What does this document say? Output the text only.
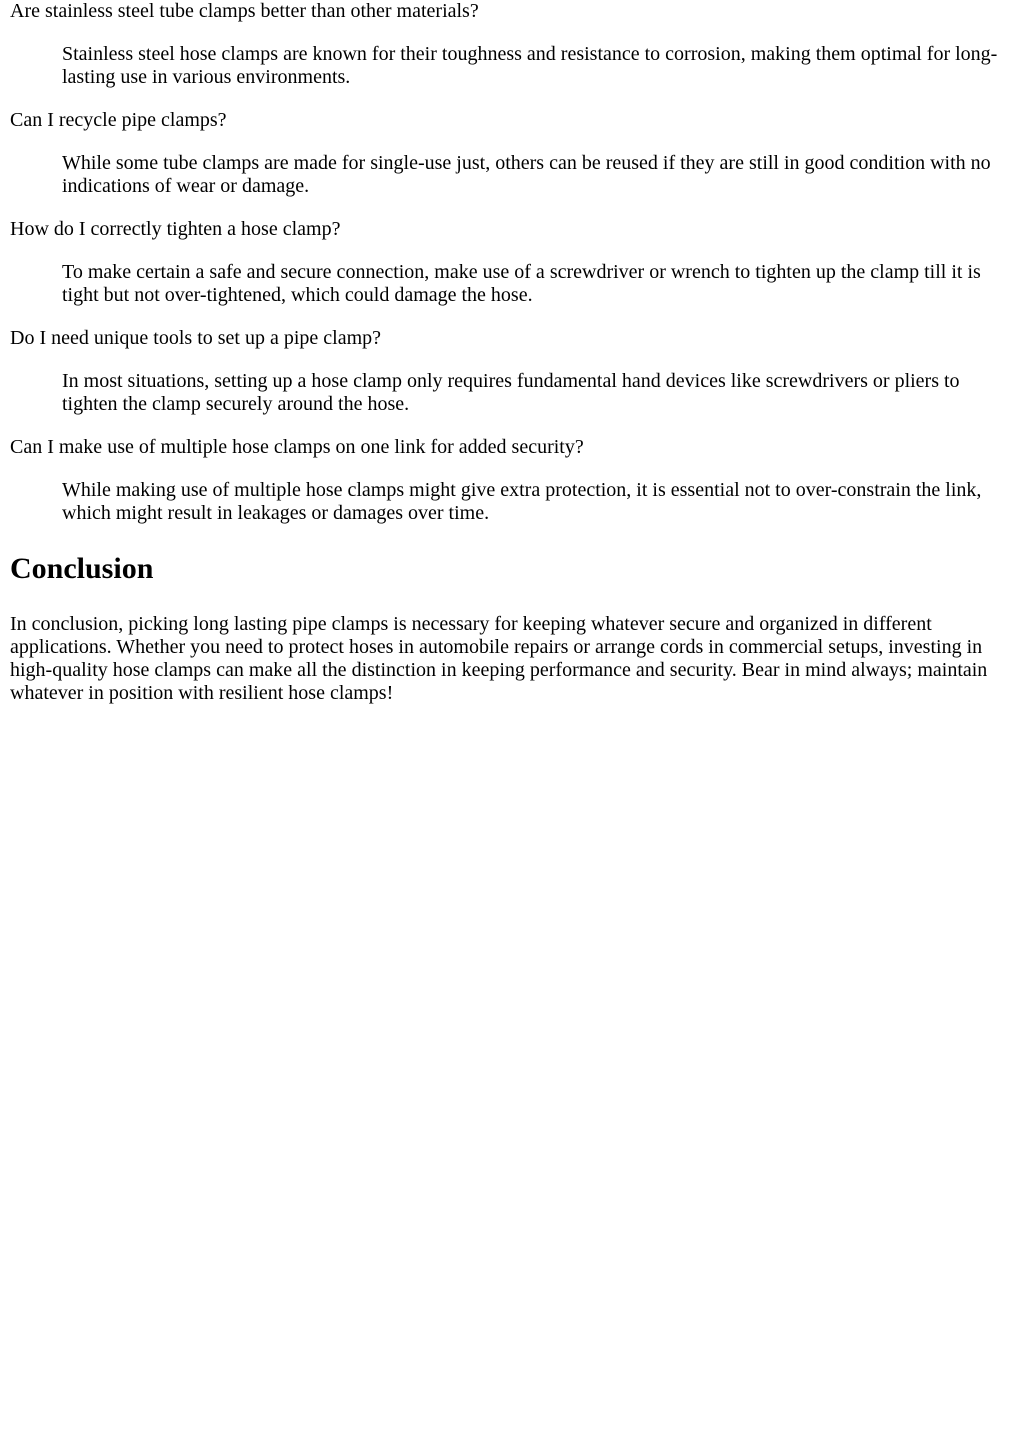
Are stainless steel tube clamps better than other materials?
Stainless steel hose clamps are known for their toughness and resistance to corrosion, making them optimal for long-lasting use in various environments.
Can I recycle pipe clamps?
While some tube clamps are made for single-use just, others can be reused if they are still in good condition with no indications of wear or damage.
How do I correctly tighten a hose clamp?
To make certain a safe and secure connection, make use of a screwdriver or wrench to tighten up the clamp till it is tight but not over-tightened, which could damage the hose.
Do I need unique tools to set up a pipe clamp?
In most situations, setting up a hose clamp only requires fundamental hand devices like screwdrivers or pliers to tighten the clamp securely around the hose.
Can I make use of multiple hose clamps on one link for added security?
While making use of multiple hose clamps might give extra protection, it is essential not to over-constrain the link, which might result in leakages or damages over time.
Conclusion

In conclusion, picking long lasting pipe clamps is necessary for keeping whatever secure and organized in different applications. Whether you need to protect hoses in automobile repairs or arrange cords in commercial setups, investing in high-quality hose clamps can make all the distinction in keeping performance and security. Bear in mind always; maintain whatever in position with resilient hose clamps!
